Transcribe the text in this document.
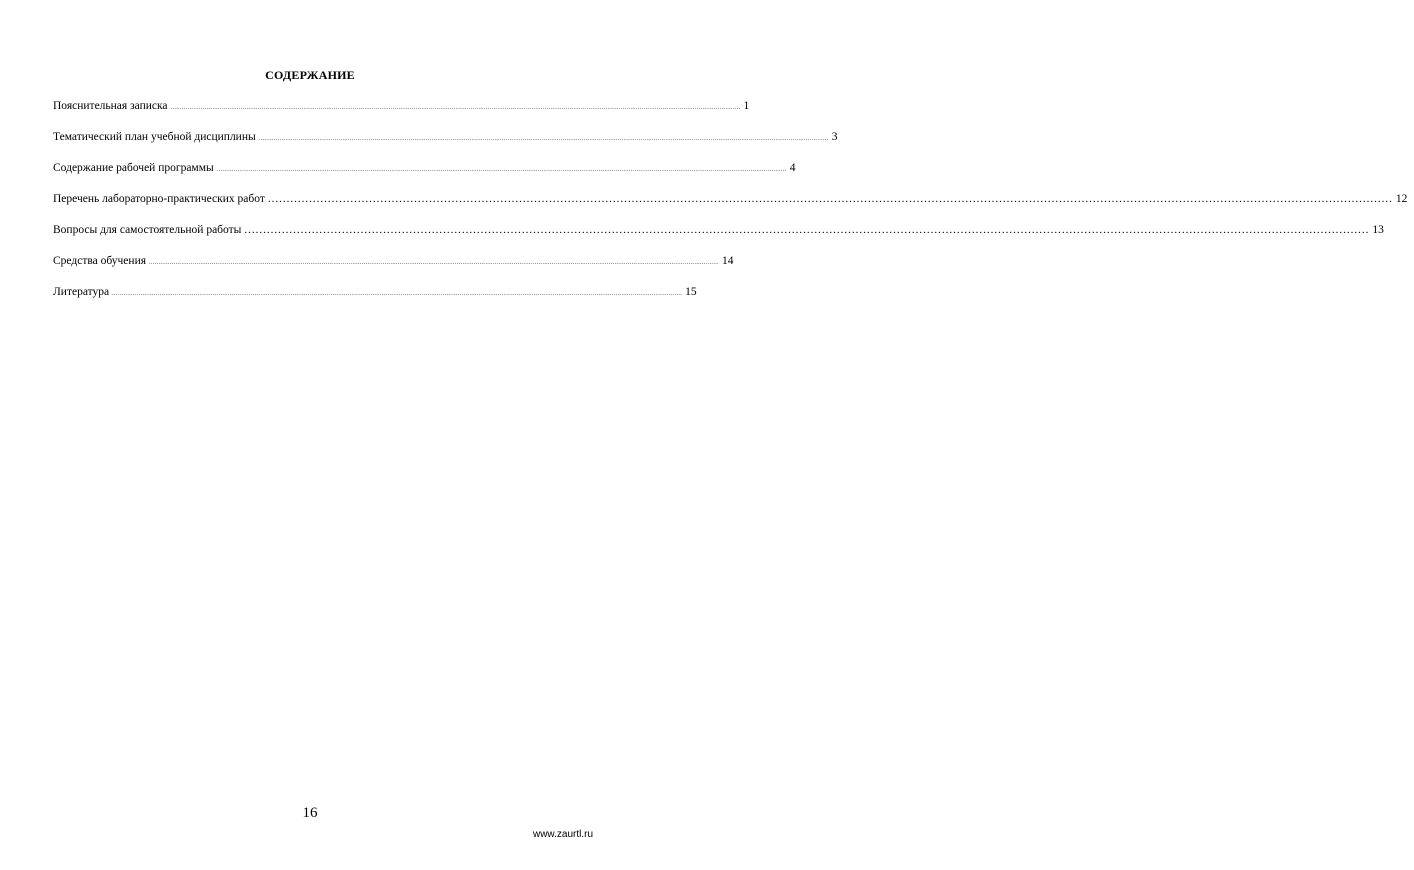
СОДЕРЖАНИЕ
Пояснительная записка ............................................................................................................................................................................................................................................................................................................ 1
Тематический план учебной дисциплины ............................................................................................................................................................................................................................................................................................................ 3
Содержание рабочей программы ............................................................................................................................................................................................................................................................................................................ 4
Перечень лабораторно-практических работ ............................................................................................................................................................................................................................................................................................................ 12
Вопросы для самостоятельной работы ............................................................................................................................................................................................................................................................................................................ 13
Средства обучения ............................................................................................................................................................................................................................................................................................................ 14
Литература ............................................................................................................................................................................................................................................................................................................ 15
16
www.zaurtl.ru
